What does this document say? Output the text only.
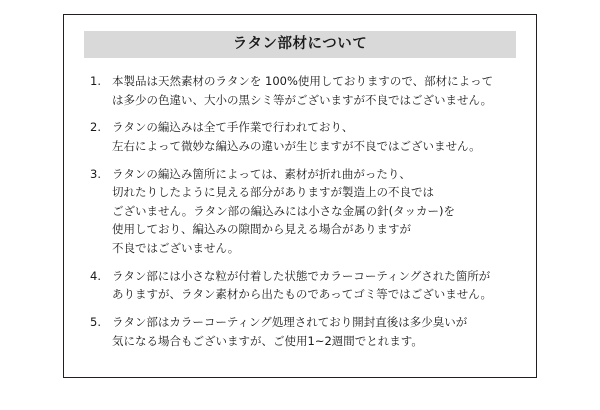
ラタン部材について
1. 本製品は天然素材のラタンを 100%使用しておりますので、部材によって
は多少の色違い、大小の黒シミ等がございますが不良ではございません。
2. ラタンの編込みは全て手作業で行われており、
左右によって微妙な編込みの違いが生じますが不良ではございません。
3. ラタンの編込み箇所によっては、素材が折れ曲がったり、
切れたりしたように見える部分がありますが製造上の不良では
ございません。ラタン部の編込みには小さな金属の針(タッカー)を
使用しており、編込みの隙間から見える場合がありますが
不良ではございません。
4. ラタン部には小さな粒が付着した状態でカラーコーティングされた箇所が
ありますが、ラタン素材から出たものであってゴミ等ではございません。
5. ラタン部はカラーコーティング処理されており開封直後は多少臭いが
気になる場合もございますが、ご使用1~2週間でとれます。
